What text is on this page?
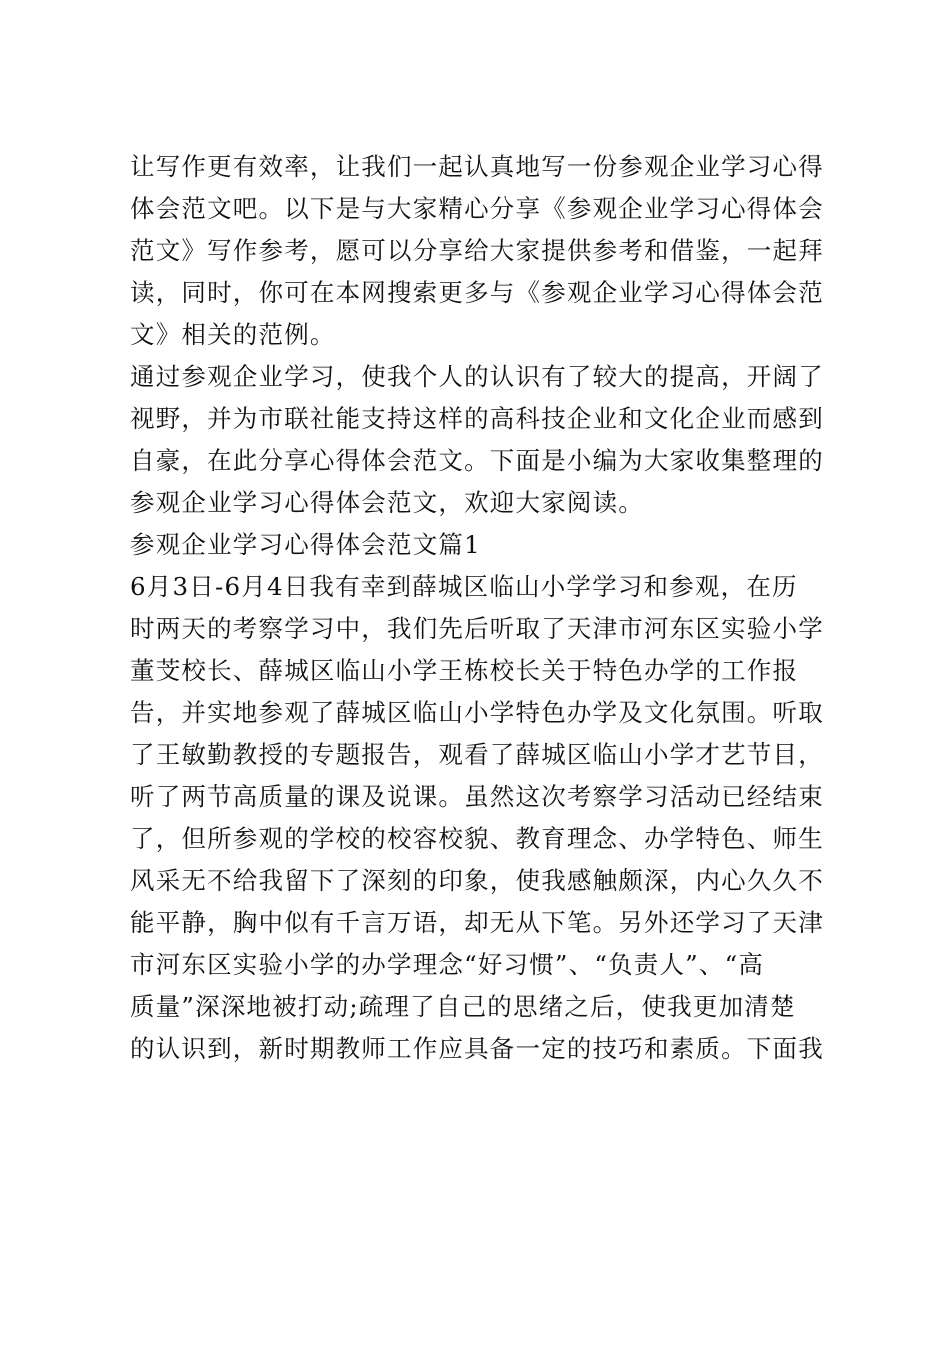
让写作更有效率，让我们一起认真地写一份参观企业学习心得
体会范文吧。以下是与大家精心分享《参观企业学习心得体会
范文》写作参考，愿可以分享给大家提供参考和借鉴，一起拜
读，同时，你可在本网搜索更多与《参观企业学习心得体会范
文》相关的范例。
通过参观企业学习，使我个人的认识有了较大的提高，开阔了
视野，并为市联社能支持这样的高科技企业和文化企业而感到
自豪，在此分享心得体会范文。下面是小编为大家收集整理的
参观企业学习心得体会范文，欢迎大家阅读。
参观企业学习心得体会范文篇1
6月3日-6月4日我有幸到薛城区临山小学学习和参观，在历
时两天的考察学习中，我们先后听取了天津市河东区实验小学
董芠校长、薛城区临山小学王栋校长关于特色办学的工作报
告，并实地参观了薛城区临山小学特色办学及文化氛围。听取
了王敏勤教授的专题报告，观看了薛城区临山小学才艺节目，
听了两节高质量的课及说课。虽然这次考察学习活动已经结束
了，但所参观的学校的校容校貌、教育理念、办学特色、师生
风采无不给我留下了深刻的印象，使我感触颇深，内心久久不
能平静，胸中似有千言万语，却无从下笔。另外还学习了天津
市河东区实验小学的办学理念“好习惯”、“负责人”、“高
质量”深深地被打动;疏理了自己的思绪之后，使我更加清楚
的认识到，新时期教师工作应具备一定的技巧和素质。下面我
